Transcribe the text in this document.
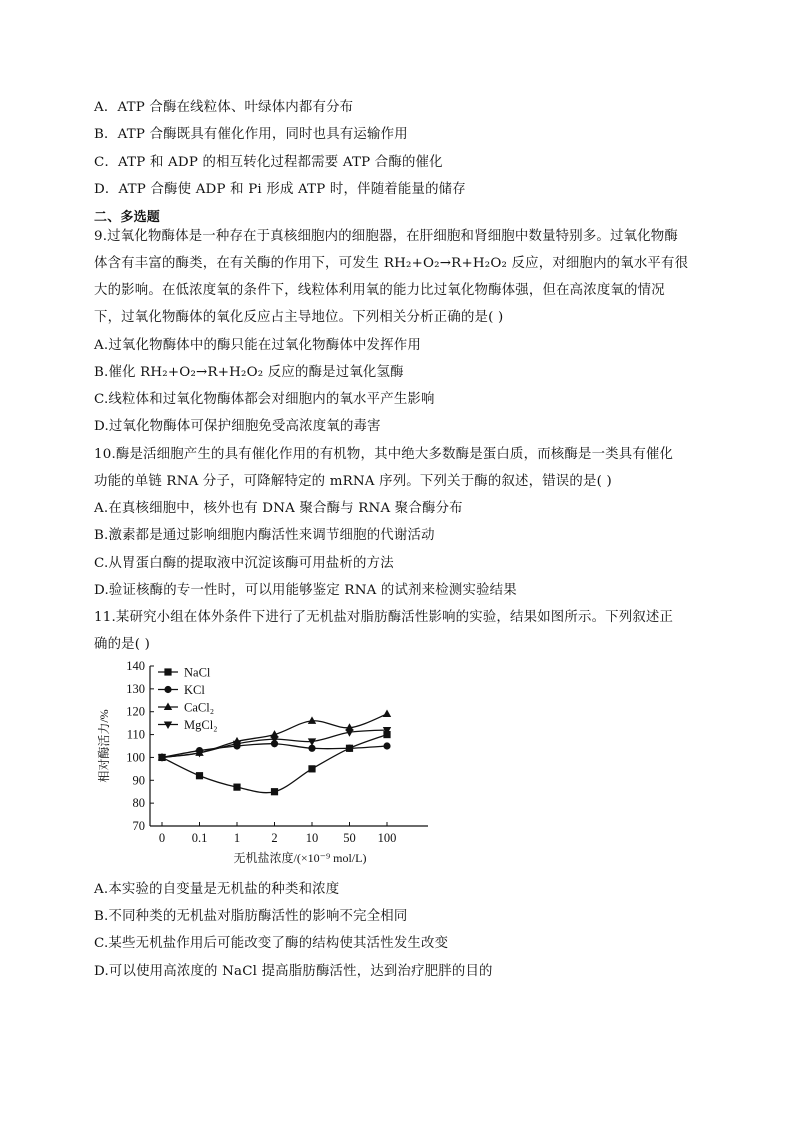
A．ATP 合酶在线粒体、叶绿体内都有分布
B．ATP 合酶既具有催化作用，同时也具有运输作用
C．ATP 和 ADP 的相互转化过程都需要 ATP 合酶的催化
D．ATP 合酶使 ADP 和 Pi 形成 ATP 时，伴随着能量的储存
二、多选题
9.过氧化物酶体是一种存在于真核细胞内的细胞器，在肝细胞和肾细胞中数量特别多。过氧化物酶
体含有丰富的酶类，在有关酶的作用下，可发生 RH₂+O₂→R+H₂O₂ 反应，对细胞内的氧水平有很
大的影响。在低浓度氧的条件下，线粒体利用氧的能力比过氧化物酶体强，但在高浓度氧的情况
下，过氧化物酶体的氧化反应占主导地位。下列相关分析正确的是( )
A.过氧化物酶体中的酶只能在过氧化物酶体中发挥作用
B.催化 RH₂+O₂→R+H₂O₂ 反应的酶是过氧化氢酶
C.线粒体和过氧化物酶体都会对细胞内的氧水平产生影响
D.过氧化物酶体可保护细胞免受高浓度氧的毒害
10.酶是活细胞产生的具有催化作用的有机物，其中绝大多数酶是蛋白质，而核酶是一类具有催化
功能的单链 RNA 分子，可降解特定的 mRNA 序列。下列关于酶的叙述，错误的是( )
A.在真核细胞中，核外也有 DNA 聚合酶与 RNA 聚合酶分布
B.激素都是通过影响细胞内酶活性来调节细胞的代谢活动
C.从胃蛋白酶的提取液中沉淀该酶可用盐析的方法
D.验证核酶的专一性时，可以用能够鉴定 RNA 的试剂来检测实验结果
11.某研究小组在体外条件下进行了无机盐对脂肪酶活性影响的实验，结果如图所示。下列叙述正
确的是( )
70
80
90
100
110
120
130
140
0 0.1 1	2 10 50 100
NaCl
KCl
CaCl₂
MgCl₂
相对酶活力/%
无机盐浓度/(×10⁻⁹ mol/L)
A.本实验的自变量是无机盐的种类和浓度
B.不同种类的无机盐对脂肪酶活性的影响不完全相同
C.某些无机盐作用后可能改变了酶的结构使其活性发生改变
D.可以使用高浓度的 NaCl 提高脂肪酶活性，达到治疗肥胖的目的
